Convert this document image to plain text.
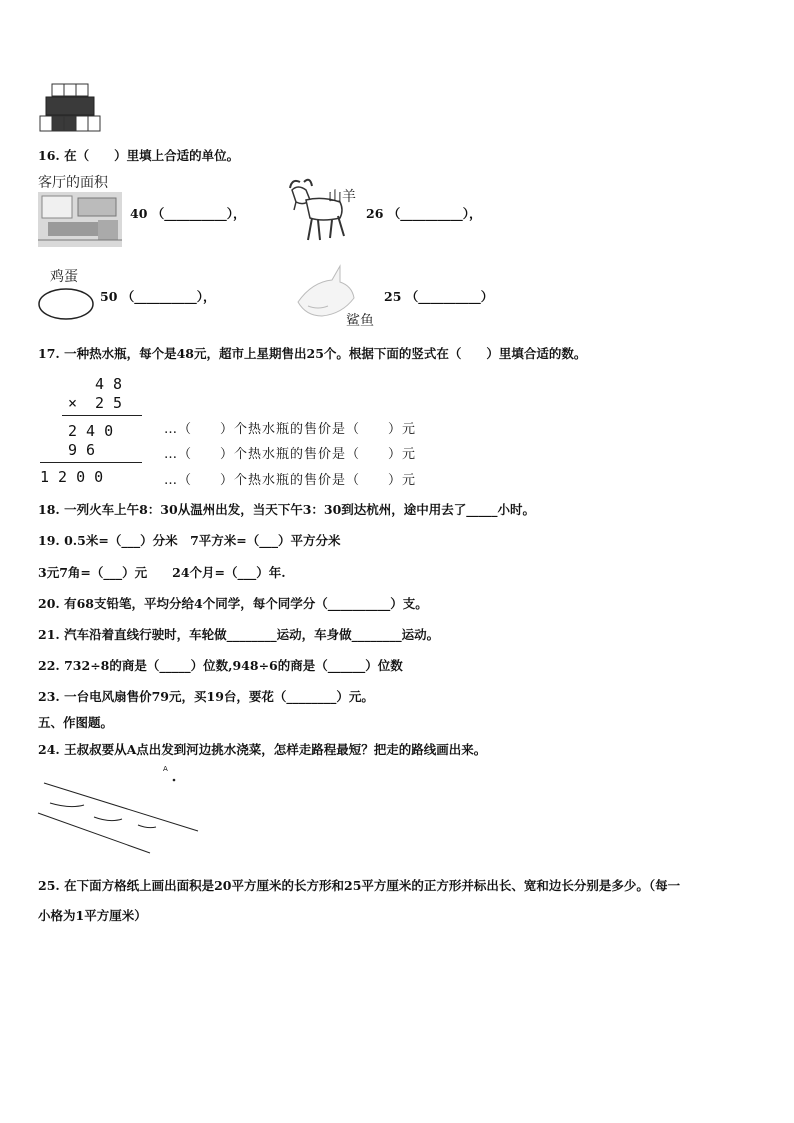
16. 在（　　）里填上合适的单位。
客厅的面积
40 （__________），
山羊
26 （__________），
鸡蛋
50 （__________），
鲨鱼
25 （__________）
17. 一种热水瓶，每个是48元，超市上星期售出25个。根据下面的竖式在（　　）里填合适的数。
4 8
× 2 5
2 4 0
9 6
1 2 0 0
…（　　）个热水瓶的售价是（　　）元
…（　　）个热水瓶的售价是（　　）元
…（　　）个热水瓶的售价是（　　）元
18. 一列火车上午8：30从温州出发，当天下午3：30到达杭州，途中用去了_____小时。
19. 0.5米=（___）分米　7平方米=（___）平方分米
3元7角=（___）元　　24个月=（___）年.
20. 有68支铅笔，平均分给4个同学，每个同学分（__________）支。
21. 汽车沿着直线行驶时，车轮做________运动，车身做________运动。
22. 732÷8的商是（_____）位数,948÷6的商是（______）位数
23. 一台电风扇售价79元，买19台，要花（________）元。
五、作图题。
24. 王叔叔要从A点出发到河边挑水浇菜，怎样走路程最短？把走的路线画出来。
A
25. 在下面方格纸上画出面积是20平方厘米的长方形和25平方厘米的正方形并标出长、宽和边长分别是多少。（每一
小格为1平方厘米）
